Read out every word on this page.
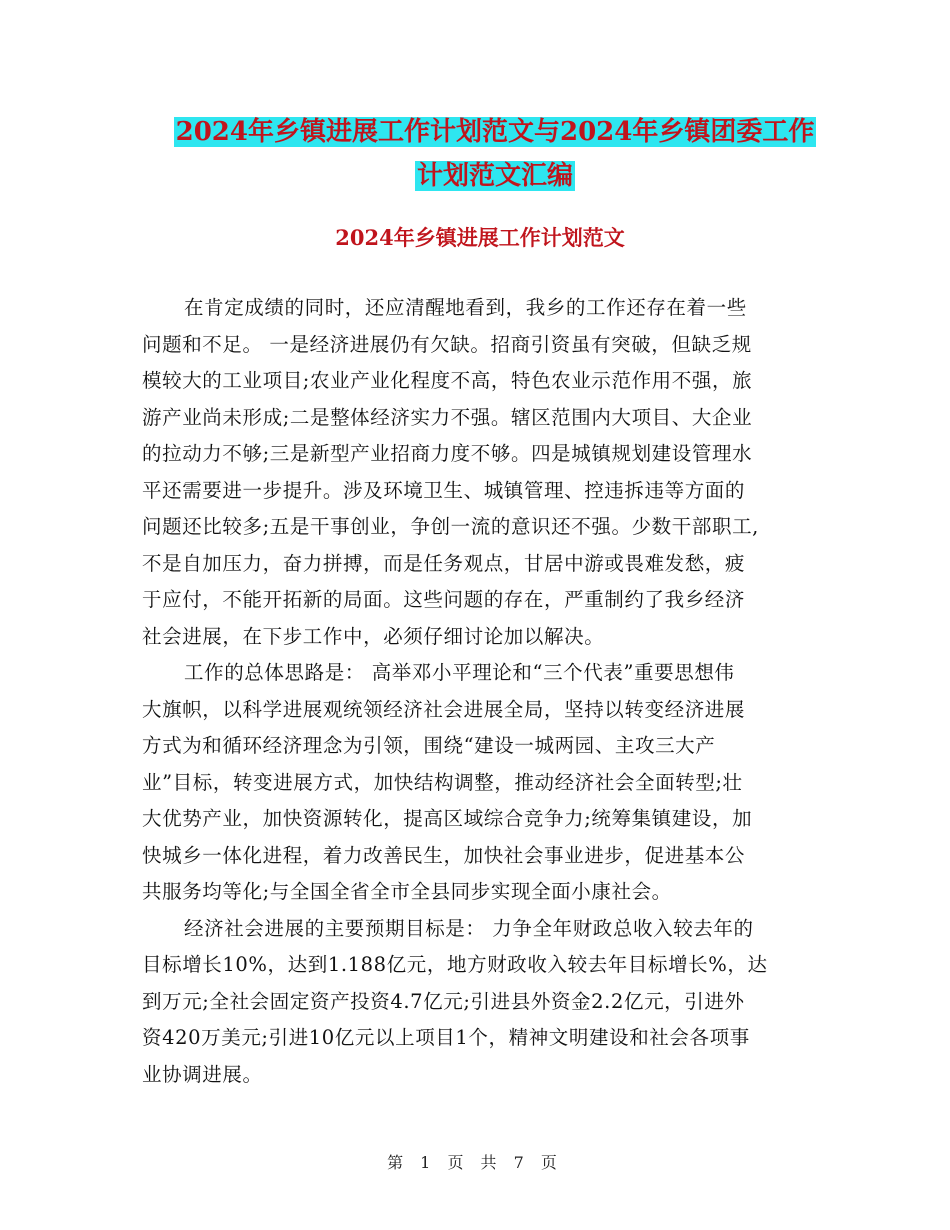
2024年乡镇进展工作计划范文与2024年乡镇团委工作
计划范文汇编
2024年乡镇进展工作计划范文

在肯定成绩的同时，还应清醒地看到，我乡的工作还存在着一些
问题和不足。 一是经济进展仍有欠缺。招商引资虽有突破，但缺乏规
模较大的工业项目;农业产业化程度不高，特色农业示范作用不强，旅
游产业尚未形成;二是整体经济实力不强。辖区范围内大项目、大企业
的拉动力不够;三是新型产业招商力度不够。四是城镇规划建设管理水
平还需要进一步提升。涉及环境卫生、城镇管理、控违拆违等方面的
问题还比较多;五是干事创业，争创一流的意识还不强。少数干部职工,
不是自加压力，奋力拼搏，而是任务观点，甘居中游或畏难发愁，疲
于应付，不能开拓新的局面。这些问题的存在，严重制约了我乡经济
社会进展，在下步工作中，必须仔细讨论加以解决。

工作的总体思路是： 高举邓小平理论和“三个代表”重要思想伟
大旗帜，以科学进展观统领经济社会进展全局，坚持以转变经济进展
方式为和循环经济理念为引领，围绕“建设一城两园、主攻三大产
业”目标，转变进展方式，加快结构调整，推动经济社会全面转型;壮
大优势产业，加快资源转化，提高区域综合竞争力;统筹集镇建设，加
快城乡一体化进程，着力改善民生，加快社会事业进步，促进基本公
共服务均等化;与全国全省全市全县同步实现全面小康社会。

经济社会进展的主要预期目标是： 力争全年财政总收入较去年的
目标增长10%，达到1.188亿元，地方财政收入较去年目标增长%，达
到万元;全社会固定资产投资4.7亿元;引进县外资金2.2亿元，引进外
资420万美元;引进10亿元以上项目1个，精神文明建设和社会各项事
业协调进展。

第 1 页 共 7 页
